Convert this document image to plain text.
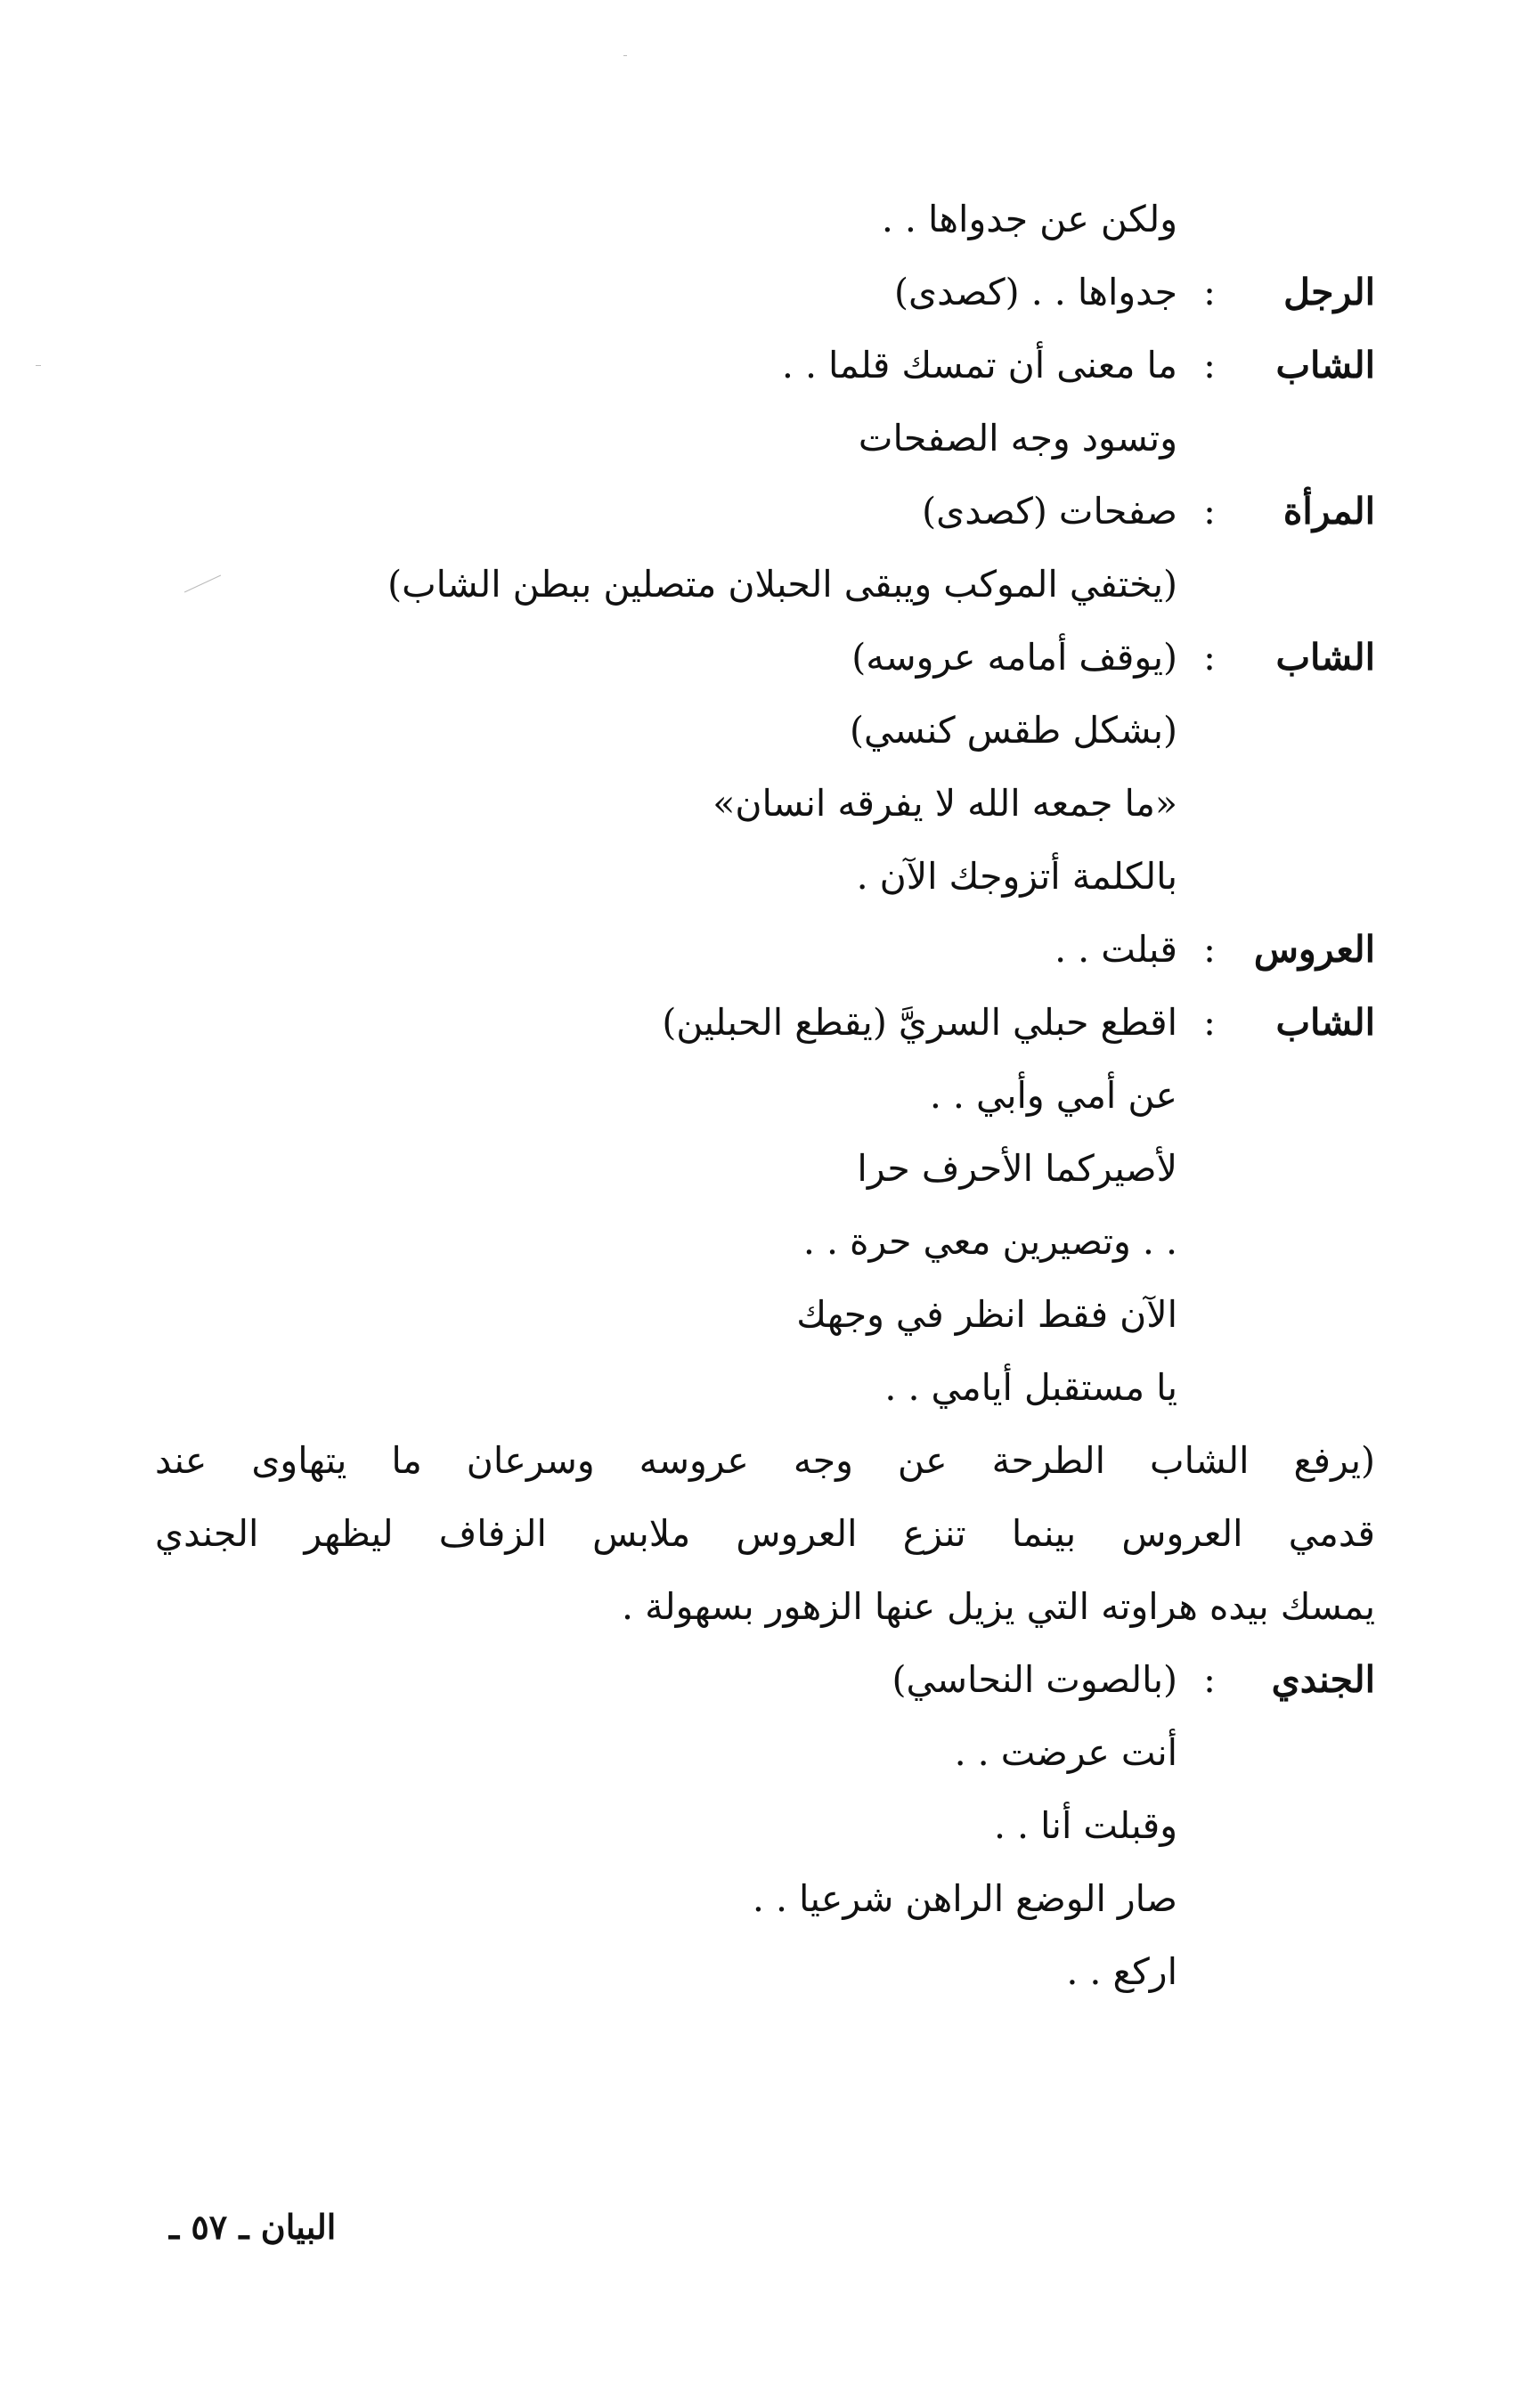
ولكن عن جدواها . .
الرجل
:
جدواها . . (كصدى)
الشاب
:
ما معنى أن تمسك قلما . .
وتسود وجه الصفحات
المرأة
:
صفحات (كصدى)
(يختفي الموكب ويبقى الحبلان متصلين ببطن الشاب)
الشاب
:
(يوقف أمامه عروسه)
(بشكل طقس كنسي)
«ما جمعه الله لا يفرقه انسان»
بالكلمة أتزوجك الآن .
العروس
:
قبلت . .
الشاب
:
اقطع حبلي السريَّ (يقطع الحبلين)
عن أمي وأبي . .
لأصيركما الأحرف حرا
. . وتصيرين معي حرة . .
الآن فقط انظر في وجهك
يا مستقبل أيامي . .
(يرفع الشاب الطرحة عن وجه عروسه وسرعان ما يتهاوى عند
قدمي العروس بينما تنزع العروس ملابس الزفاف ليظهر الجندي
يمسك بيده هراوته التي يزيل عنها الزهور بسهولة .
الجندي
:
(بالصوت النحاسي)
أنت عرضت . .
وقبلت أنا . .
صار الوضع الراهن شرعيا . .
اركع . .
البيان ـ ٥٧ ـ
